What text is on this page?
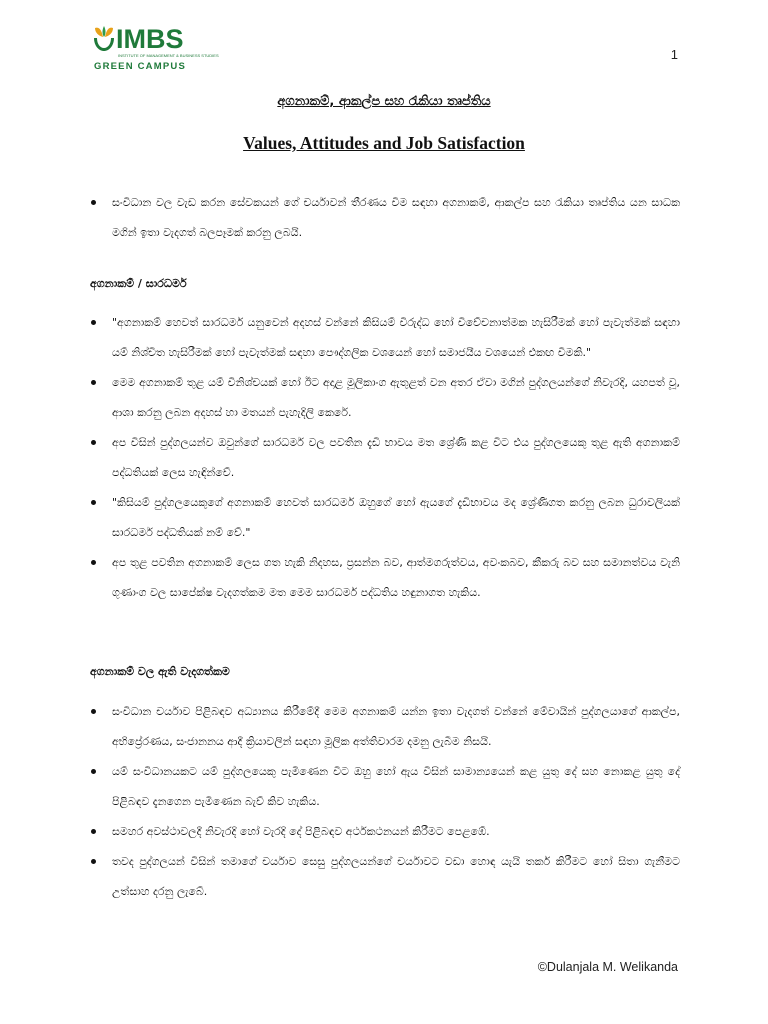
IMBS
INSTITUTE OF MANAGEMENT & BUSINESS STUDIES
GREEN CAMPUS
1
අගනාකම්, ආකල්ප සහ රැකියා තෘප්තිය
Values, Attitudes and Job Satisfaction
සංවිධාන වල වැඩ කරන සේවකයන් ගේ චර්යාවන් තීරණය වීම සඳහා අගනාකම්, ආකල්ප සහ රැකියා තෘප්තිය යන සාධක මගින් ඉතා වැදගත් බලපෑමක් කරනු ලබයි.
අගනාකම් / සාරධර්ම
"අගනාකම් හෙවත් සාරධර්ම යනුවෙන් අදහස් වන්නේ කිසියම් විරුද්ධ හෝ විවේචනාත්මක හැසිරීමක් හෝ පැවැත්මක් සඳහා යම් නිශ්චිත හැසිරීමක් හෝ පැවැත්මක් සඳහා පෞද්ගලික වශයෙන් හෝ සමාජයීය වශයෙන් එකඟ වීමකි."
මෙම අගනාකම් තුළ යම් විනිශ්චයක් හෝ ඊට අදාළ මූලිකාංග ඇතුළත් වන අතර ඒවා මගින් පුද්ගලයන්ගේ නිවැරදි, යහපත් වූ, ආශා කරනු ලබන අදහස් හා මතයන් පැහැදිලි කෙරේ.
අප විසින් පුද්ගලයන්ව ඔවුන්ගේ සාරධර්ම වල පවතින දැඩි භාවය මත ශ්‍රේණි කළ විට එය පුද්ගලයෙකු තුළ ඇති අගනාකම් පද්ධතියක් ලෙස හැඳින්වේ.
"කිසියම් පුද්ගලයෙකුගේ අගනාකම් හෙවත් සාරධර්ම ඔහුගේ හෝ ඇයගේ දැඩිභාවය මද ශ්‍රේණිගත කරනු ලබන ධුරාවලියක් සාරධර්ම පද්ධතියක් නම් වේ."
අප තුළ පවතින අගනාකම් ලෙස ගත හැකි නිදහස, ප්‍රසන්න බව, ආත්මගරුත්වය, අවංකබව, කීකරු බව සහ සමානත්වය වැනි ගුණාංග වල සාපේක්ෂ වැදගත්කම මත මෙම සාරධර්ම පද්ධතිය හඳුනාගත හැකිය.
අගනාකම් වල ඇති වැදගත්කම
සංවිධාන චර්යාව පිළිබඳව අධ්‍යානය කිරීමේදී මෙම අගනාකම් යන්න ඉතා වැදගත් වන්නේ මේවායින් පුද්ගලයාගේ ආකල්ප, අභිප්‍රේරණය, සංජානනය ආදී ක්‍රියාවලින් සඳහා මූලික අත්තිවාරම දමනු ලැබීම නිසයි.
යම් සංවිධානයකට යම් පුද්ගලයෙකු පැමිණෙන විට ඔහු හෝ ඇය විසින් සාමාන්‍යයෙන් කළ යුතු දේ සහ නොකළ යුතු දේ පිළිබඳව දැනගෙන පැමිණෙන බැව් කිව හැකිය.
සමහර අවස්ථාවලදී නිවැරදි හෝ වැරදි දේ පිළිබඳව අර්ථකථනයන් කිරීමට පෙළඹේ.
තවද පුද්ගලයන් විසින් තමාගේ චර්යාව සෙසු පුද්ගලයන්ගේ චර්යාවට වඩා හොඳ යැයි තර්ක කිරීමට හෝ සිතා ගැනීමට උත්සාහ දරනු ලැබේ.
©Dulanjala M. Welikanda
